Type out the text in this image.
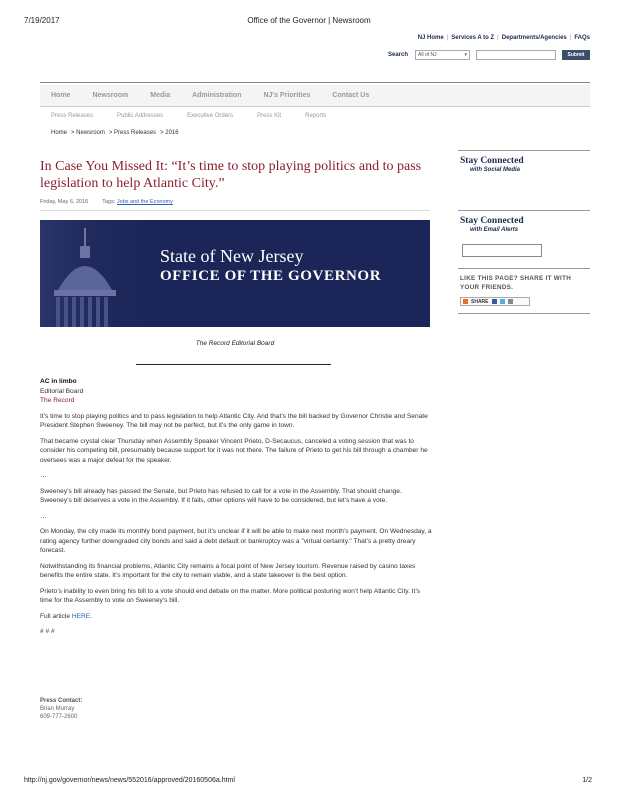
7/19/2017	Office of the Governor | Newsroom
NJ Home | Services A to Z | Departments/Agencies | FAQs
Search All of NJ	▾	Submit
Home	Newsroom	Media	Administration	NJ's Priorities	Contact Us
Press Releases	Public Addresses	Executive Orders	Press Kit	Reports
Home > Newsroom > Press Releases > 2016
In Case You Missed It: “It’s time to stop playing politics and to pass legislation to help Atlantic City.”
Friday, May 6, 2016	Tags: Jobs and the Economy
State of New Jersey
OFFICE OF THE GOVERNOR
The Record Editorial Board

AC in limbo

Editorial Board

The Record

It’s time to stop playing politics and to pass legislation to help Atlantic City. And that’s the bill backed by Governor Christie and Senate President Stephen Sweeney. The bill may not be perfect, but it’s the only game in town.

That became crystal clear Thursday when Assembly Speaker Vincent Prieto, D-Secaucus, canceled a voting session that was to consider his competing bill, presumably because support for it was not there. The failure of Prieto to get his bill through a chamber he oversees was a major defeat for the speaker.

…

Sweeney’s bill already has passed the Senate, but Prieto has refused to call for a vote in the Assembly. That should change. Sweeney’s bill deserves a vote in the Assembly. If it fails, other options will have to be considered, but let’s have a vote.

…

On Monday, the city made its monthly bond payment, but it’s unclear if it will be able to make next month’s payment. On Wednesday, a rating agency further downgraded city bonds and said a debt default or bankruptcy was a "virtual certainty." That’s a pretty dreary forecast.

Notwithstanding its financial problems, Atlantic City remains a focal point of New Jersey tourism. Revenue raised by casino taxes benefits the entire state. It’s important for the city to remain viable, and a state takeover is the best option.

Prieto’s inability to even bring his bill to a vote should end debate on the matter. More political posturing won’t help Atlantic City. It’s time for the Assembly to vote on Sweeney’s bill.

Full article HERE.

# # #

Press Contact:
Brian Murray
609-777-2600
Stay Connected
with Social Media
Stay Connected
with Email Alerts
LIKE THIS PAGE? SHARE IT WITH YOUR FRIENDS.
SHARE
http://nj.gov/governor/news/news/552016/approved/20160506a.html	1/2
